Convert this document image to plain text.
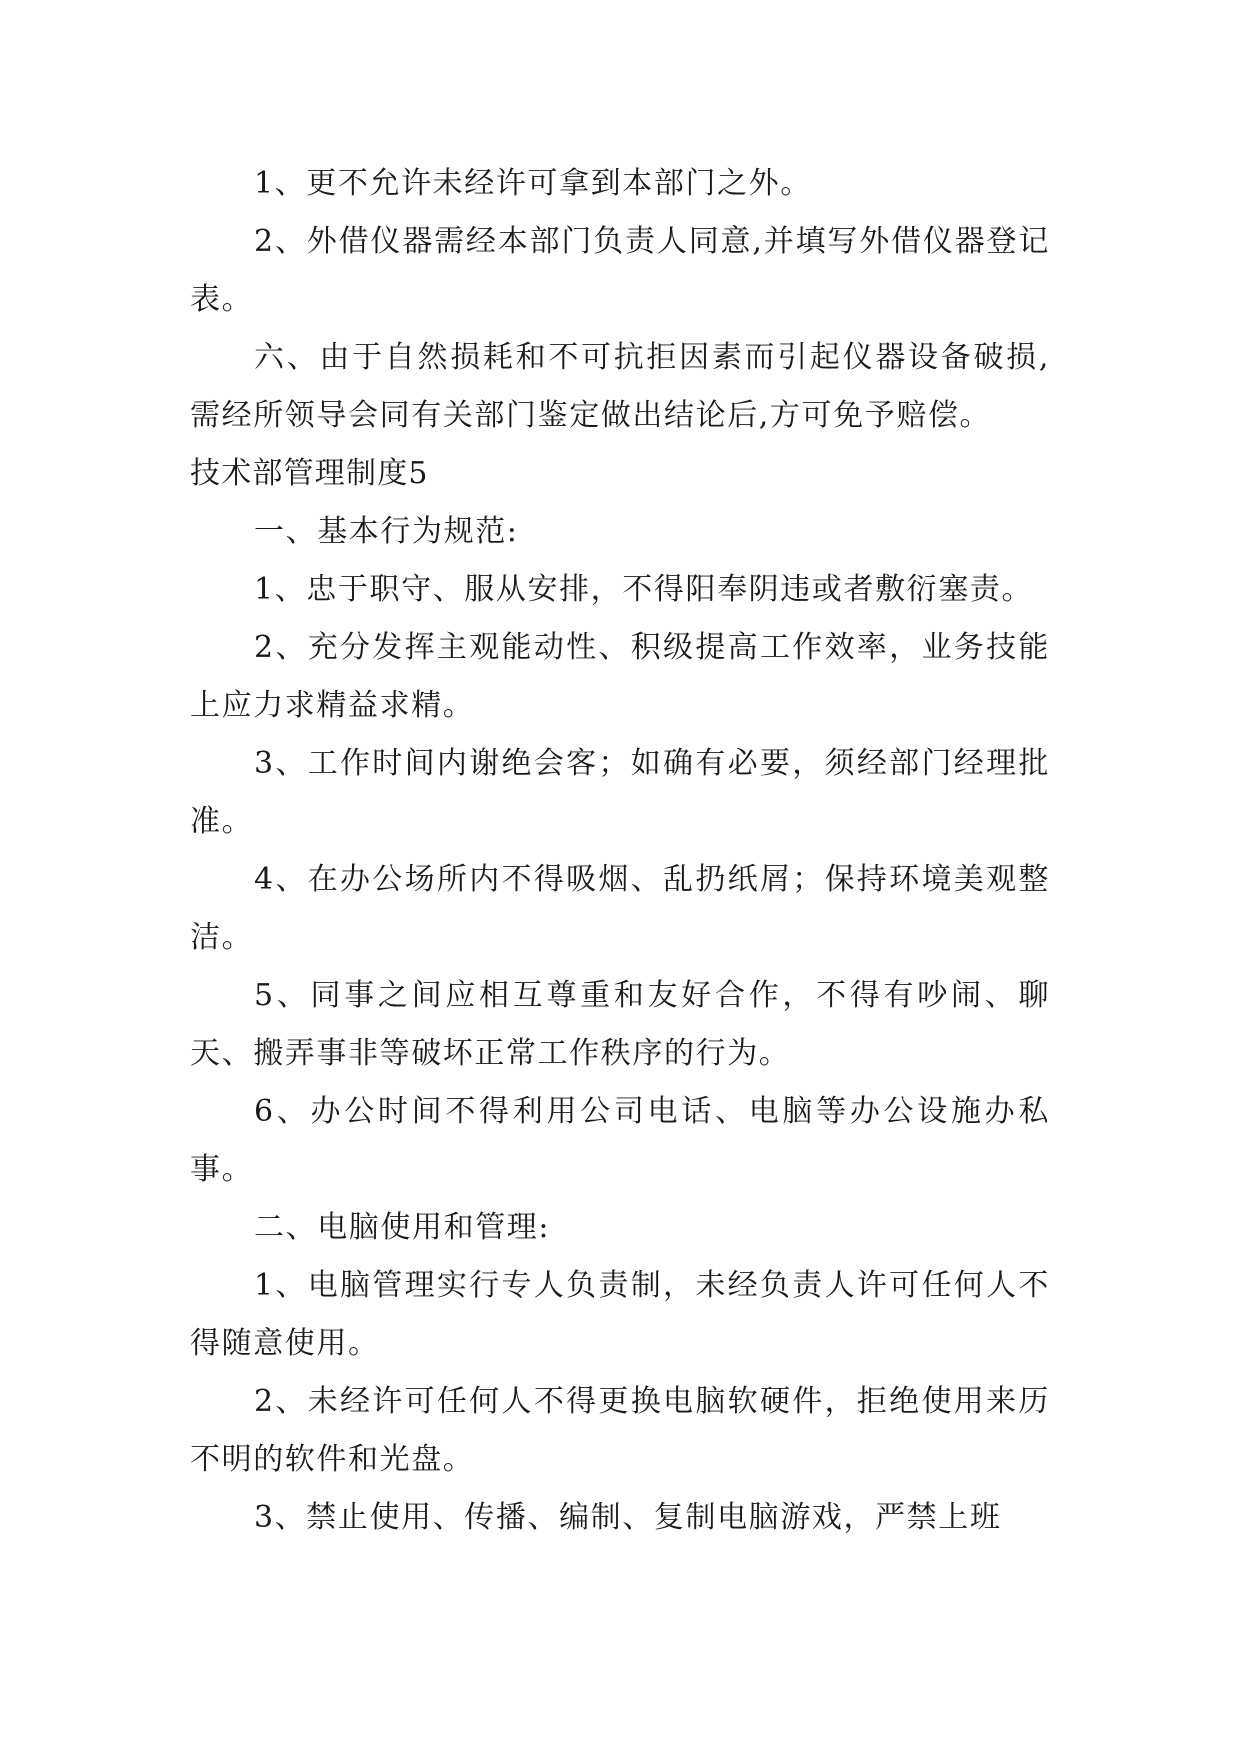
1、更不允许未经许可拿到本部门之外。

2、外借仪器需经本部门负责人同意,并填写外借仪器登记表。

六、由于自然损耗和不可抗拒因素而引起仪器设备破损,需经所领导会同有关部门鉴定做出结论后,方可免予赔偿。

技术部管理制度5

一、基本行为规范:

1、忠于职守、服从安排，不得阳奉阴违或者敷衍塞责。

2、充分发挥主观能动性、积级提高工作效率，业务技能上应力求精益求精。

3、工作时间内谢绝会客；如确有必要，须经部门经理批准。

4、在办公场所内不得吸烟、乱扔纸屑；保持环境美观整洁。

5、同事之间应相互尊重和友好合作，不得有吵闹、聊天、搬弄事非等破坏正常工作秩序的行为。

6、办公时间不得利用公司电话、电脑等办公设施办私事。

二、电脑使用和管理:

1、电脑管理实行专人负责制，未经负责人许可任何人不得随意使用。

2、未经许可任何人不得更换电脑软硬件，拒绝使用来历不明的软件和光盘。

3、禁止使用、传播、编制、复制电脑游戏，严禁上班
